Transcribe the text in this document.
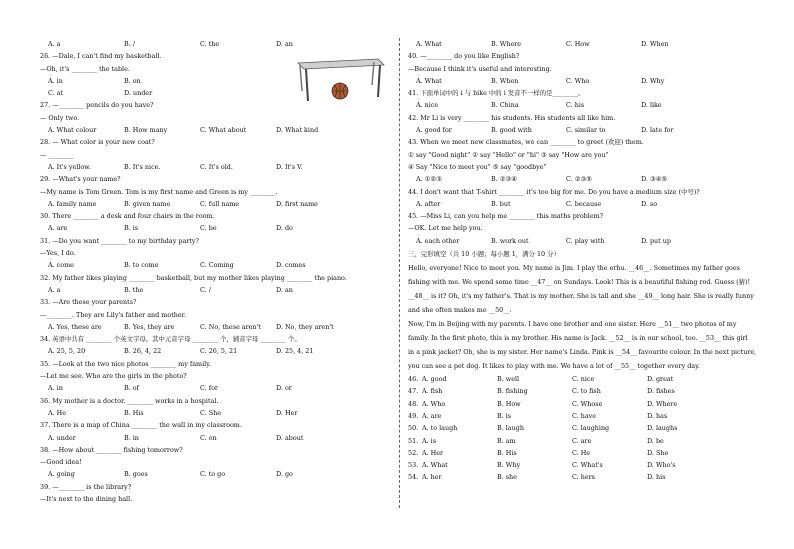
A. a	B. /	C. the	D. an
26. —Dale, I can't find my basketball.
—Oh, it's ________ the table.
A. in	B. on
C. at	D. under
27. —________ pencils do you have?
— Only two.
A. What colour	B. How many	C. What about	D. What kind
28. — What color is your new coat?
— ________
A. It's yellow.	B. It's nice.	C. It's old.	D. It's V.
29. —What's your name?
—My name is Tom Green. Tom is my first name and Green is my ________.
A. family name	B. given name	C. full name	D. first name
30. There ________ a desk and four chairs in the room.
A. are	B. is	C. be	D. do
31. —Do you want ________ to my birthday party?
—Yes, I do.
A. come	B. to come	C. Coming	D. comes
32. My father likes playing ________ basketball, but my mother likes playing ________ the piano.
A. a	B. the	C. /	D. an
33. —Are these your parents?
—________. They are Lily's father and mother.
A. Yes, these are	B. Yes, they are	C. No, these aren't	D. No, they aren't
34. 英语中共有 ________ 个英文字母。其中元音字母 ________ 个，辅音字母 ________ 个。
A. 25, 5, 20	B. 26, 4, 22	C. 26, 5, 21	D. 25, 4, 21
35. —Look at the two nice photos ________ my family.
—Let me see. Who are the girls in the photo?
A. in	B. of	C. for	D. or
36. My mother is a doctor. ________ works in a hospital.
A. He	B. His	C. She	D. Her
37. There is a map of China ________ the wall in my classroom.
A. under	B. in	C. on	D. about
38. —How about ________ fishing tomorrow?
—Good idea!
A. going	B. goes	C. to go	D. go
39. —________ is the library?
—It's next to the dining hall.
A. What	B. Where	C. How	D. When
40. —________ do you like English?
—Because I think it's useful and interesting.
A. What	B. When	C. Who	D. Why
41. 下面单词中的 i 与 bike 中的 i 发音不一样的是________。
A. nice	B. China	C. his	D. like
42. Mr Li is very ________ his students. His students all like him.
A. good for	B. good with	C. similar to	D. late for
43. When we meet new classmates, we can ________ to greet (欢迎) them.
① say "Good night" ② say "Hello" or "hi" ③ say "How are you"
④ Say "Nice to meet you" ⑤ say "goodbye"
A. ①②③	B. ②③④	C. ②③⑤	D. ③④⑤
44. I don't want that T-shirt ________ it's too big for me. Do you have a medium size (中号)?
A. after	B. but	C. because	D. so
45. —Miss Li, can you help me ________ this maths problem?
—OK. Let me help you.
A. each other	B. work out	C. play with	D. put up
三、完形填空（共 10 小题；每小题 1，满分 10 分）
Hello, everyone! Nice to meet you. My name is Jim. I play the erhu. __46__. Sometimes my father goes
fishing with me. We spend some time __47__ on Sundays. Look! This is a beautiful fishing rod. Guess (猜)!
__48__ is it? Oh, it's my father's. That is my mother. She is tall and she __49__ long hair. She is really funny
and she often makes me __50__.
Now, I'm in Beijing with my parents. I have one brother and one sister. Here __51__ two photos of my
family. In the first photo, this is my brother. His name is Jack. __52__ is in our school, too. __53__ this girl
in a pink jacket? Oh, she is my sister. Her name's Linda. Pink is __54__ favourite colour. In the next picture,
you can see a pet dog. It likes to play with me. We have a lot of __55__ together every day.
46. A. good	B. well	C. nice	D. great
47. A. fish	B. fishing	C. to fish	D. fishes
48. A. Who	B. How	C. Whose	D. Where
49. A. are	B. is	C. have	D. has
50. A. to laugh	B. laugh	C. laughing	D. laughs
51. A. is	B. am	C. are	D. be
52. A. Her	B. His	C. He	D. She
53. A. What	B. Why	C. What's	D. Who's
54. A. her	B. she	C. hers	D. his
